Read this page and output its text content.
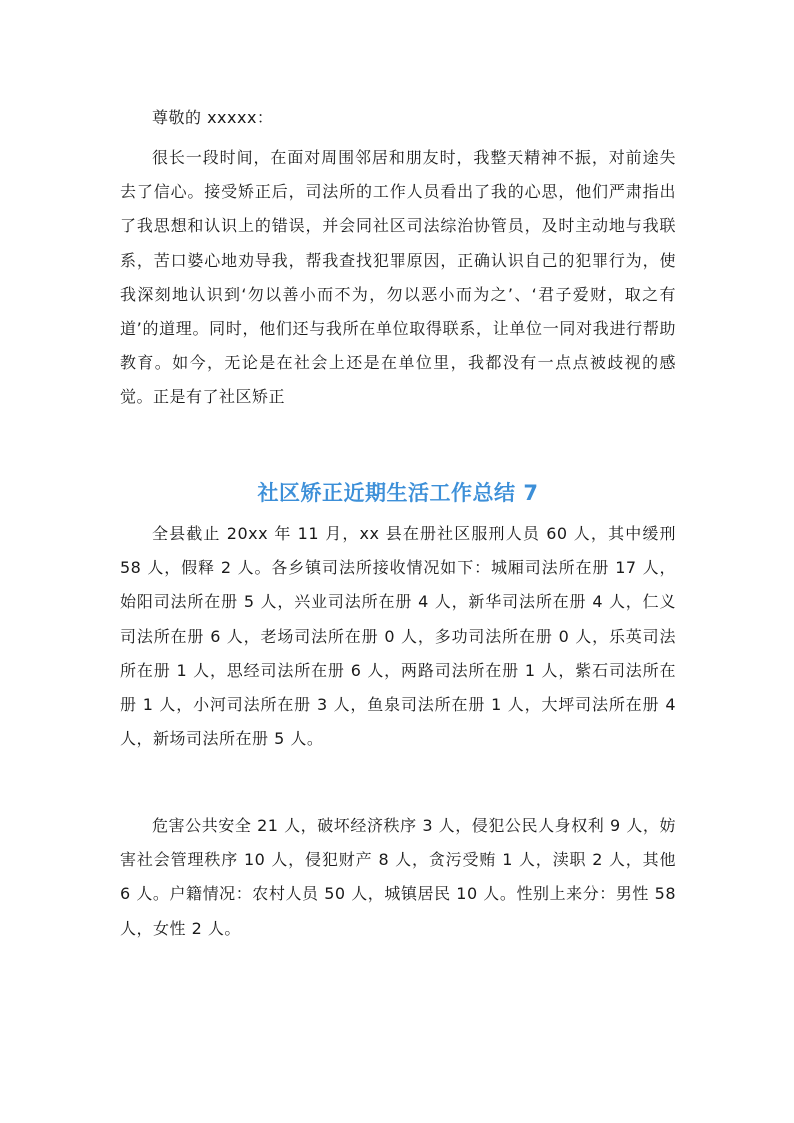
尊敬的 xxxxx：

很长一段时间，在面对周围邻居和朋友时，我整天精神不振，对前途失去了信心。接受矫正后，司法所的工作人员看出了我的心思，他们严肃指出了我思想和认识上的错误，并会同社区司法综治协管员，及时主动地与我联系，苦口婆心地劝导我，帮我查找犯罪原因，正确认识自己的犯罪行为，使我深刻地认识到‘勿以善小而不为，勿以恶小而为之’、‘君子爱财，取之有道’的道理。同时，他们还与我所在单位取得联系，让单位一同对我进行帮助教育。如今，无论是在社会上还是在单位里，我都没有一点点被歧视的感觉。正是有了社区矫正

社区矫正近期生活工作总结 7

全县截止 20xx 年 11 月，xx 县在册社区服刑人员 60 人，其中缓刑 58 人，假释 2 人。各乡镇司法所接收情况如下：城厢司法所在册 17 人，始阳司法所在册 5 人，兴业司法所在册 4 人，新华司法所在册 4 人，仁义司法所在册 6 人，老场司法所在册 0 人，多功司法所在册 0 人，乐英司法所在册 1 人，思经司法所在册 6 人，两路司法所在册 1 人，紫石司法所在册 1 人，小河司法所在册 3 人，鱼泉司法所在册 1 人，大坪司法所在册 4 人，新场司法所在册 5 人。

危害公共安全 21 人，破坏经济秩序 3 人，侵犯公民人身权利 9 人，妨害社会管理秩序 10 人，侵犯财产 8 人，贪污受贿 1 人，渎职 2 人，其他 6 人。户籍情况：农村人员 50 人，城镇居民 10 人。性别上来分：男性 58 人，女性 2 人。
